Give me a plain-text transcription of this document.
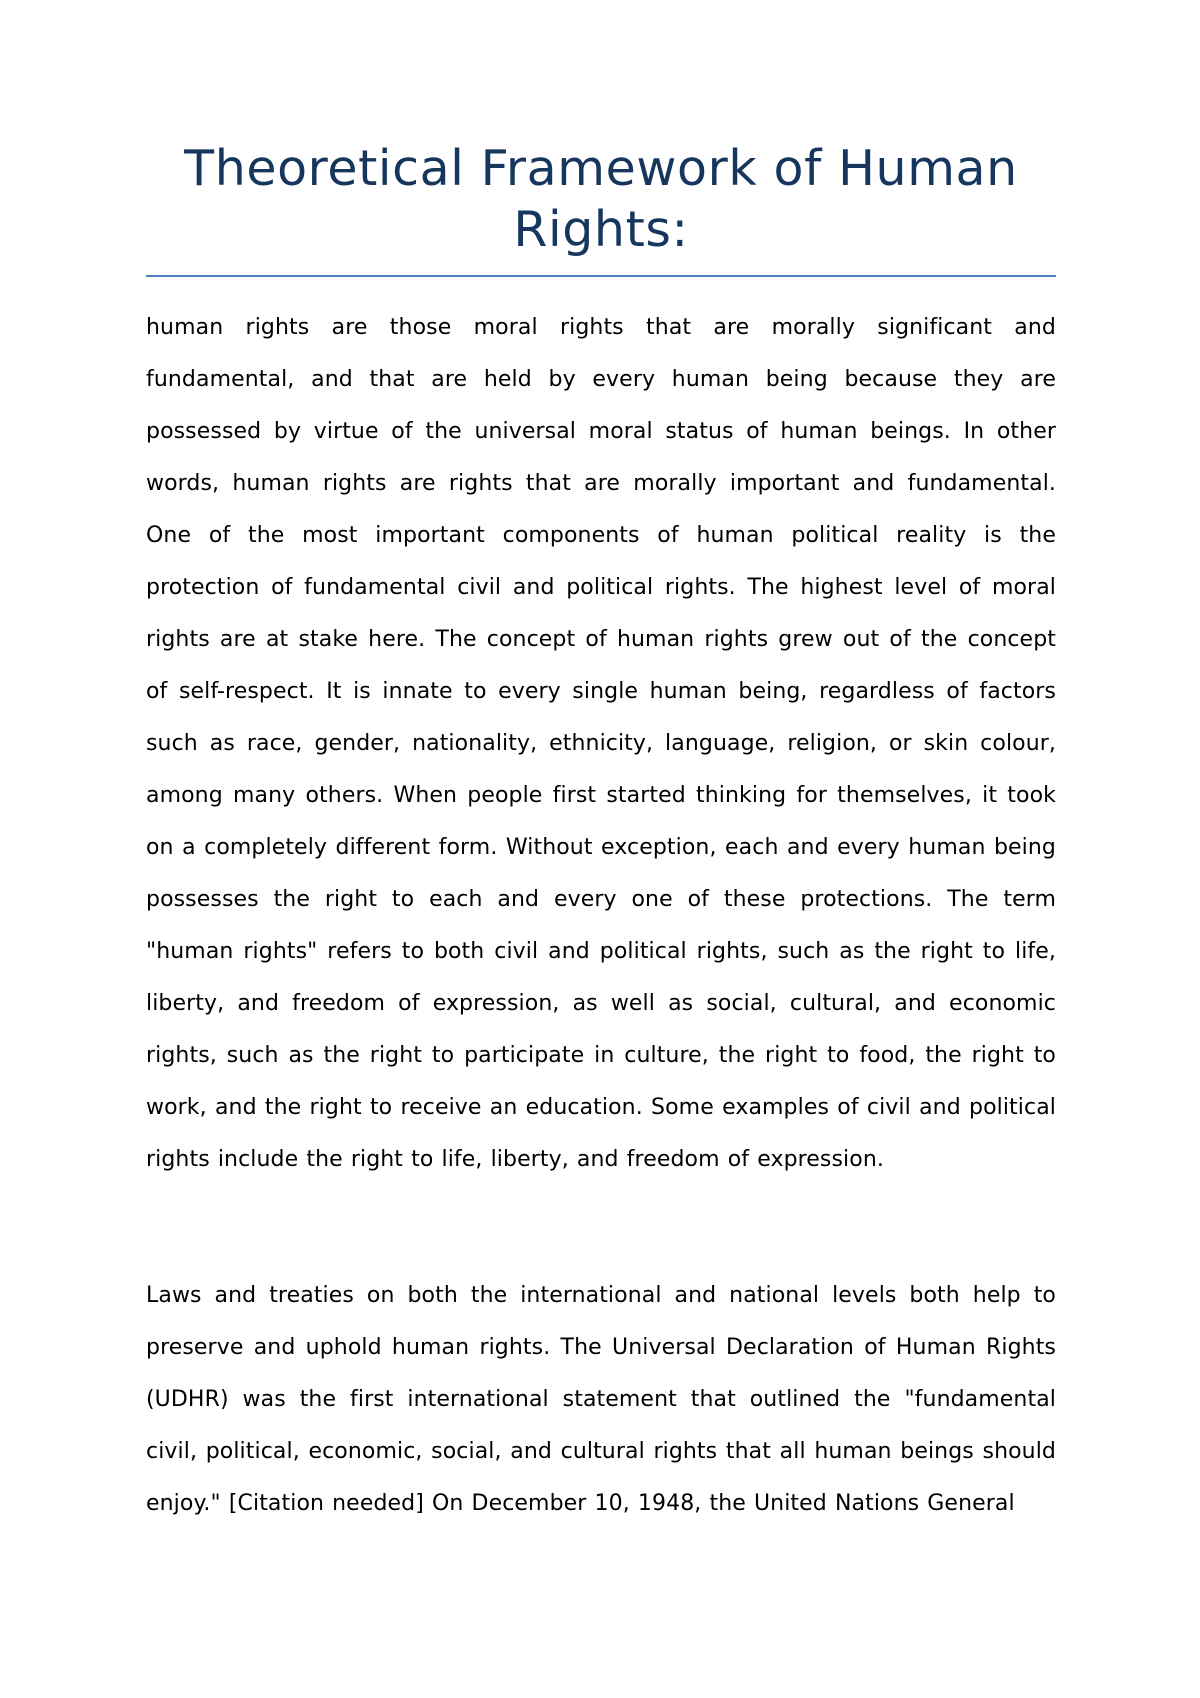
Theoretical Framework of Human Rights:

human rights are those moral rights that are morally significant and fundamental, and that are held by every human being because they are possessed by virtue of the universal moral status of human beings. In other words, human rights are rights that are morally important and fundamental. One of the most important components of human political reality is the protection of fundamental civil and political rights. The highest level of moral rights are at stake here. The concept of human rights grew out of the concept of self-respect. It is innate to every single human being, regardless of factors such as race, gender, nationality, ethnicity, language, religion, or skin colour, among many others. When people first started thinking for themselves, it took on a completely different form. Without exception, each and every human being possesses the right to each and every one of these protections. The term "human rights" refers to both civil and political rights, such as the right to life, liberty, and freedom of expression, as well as social, cultural, and economic rights, such as the right to participate in culture, the right to food, the right to work, and the right to receive an education. Some examples of civil and political rights include the right to life, liberty, and freedom of expression.

Laws and treaties on both the international and national levels both help to preserve and uphold human rights. The Universal Declaration of Human Rights (UDHR) was the first international statement that outlined the "fundamental civil, political, economic, social, and cultural rights that all human beings should enjoy." [Citation needed] On December 10, 1948, the United Nations General
